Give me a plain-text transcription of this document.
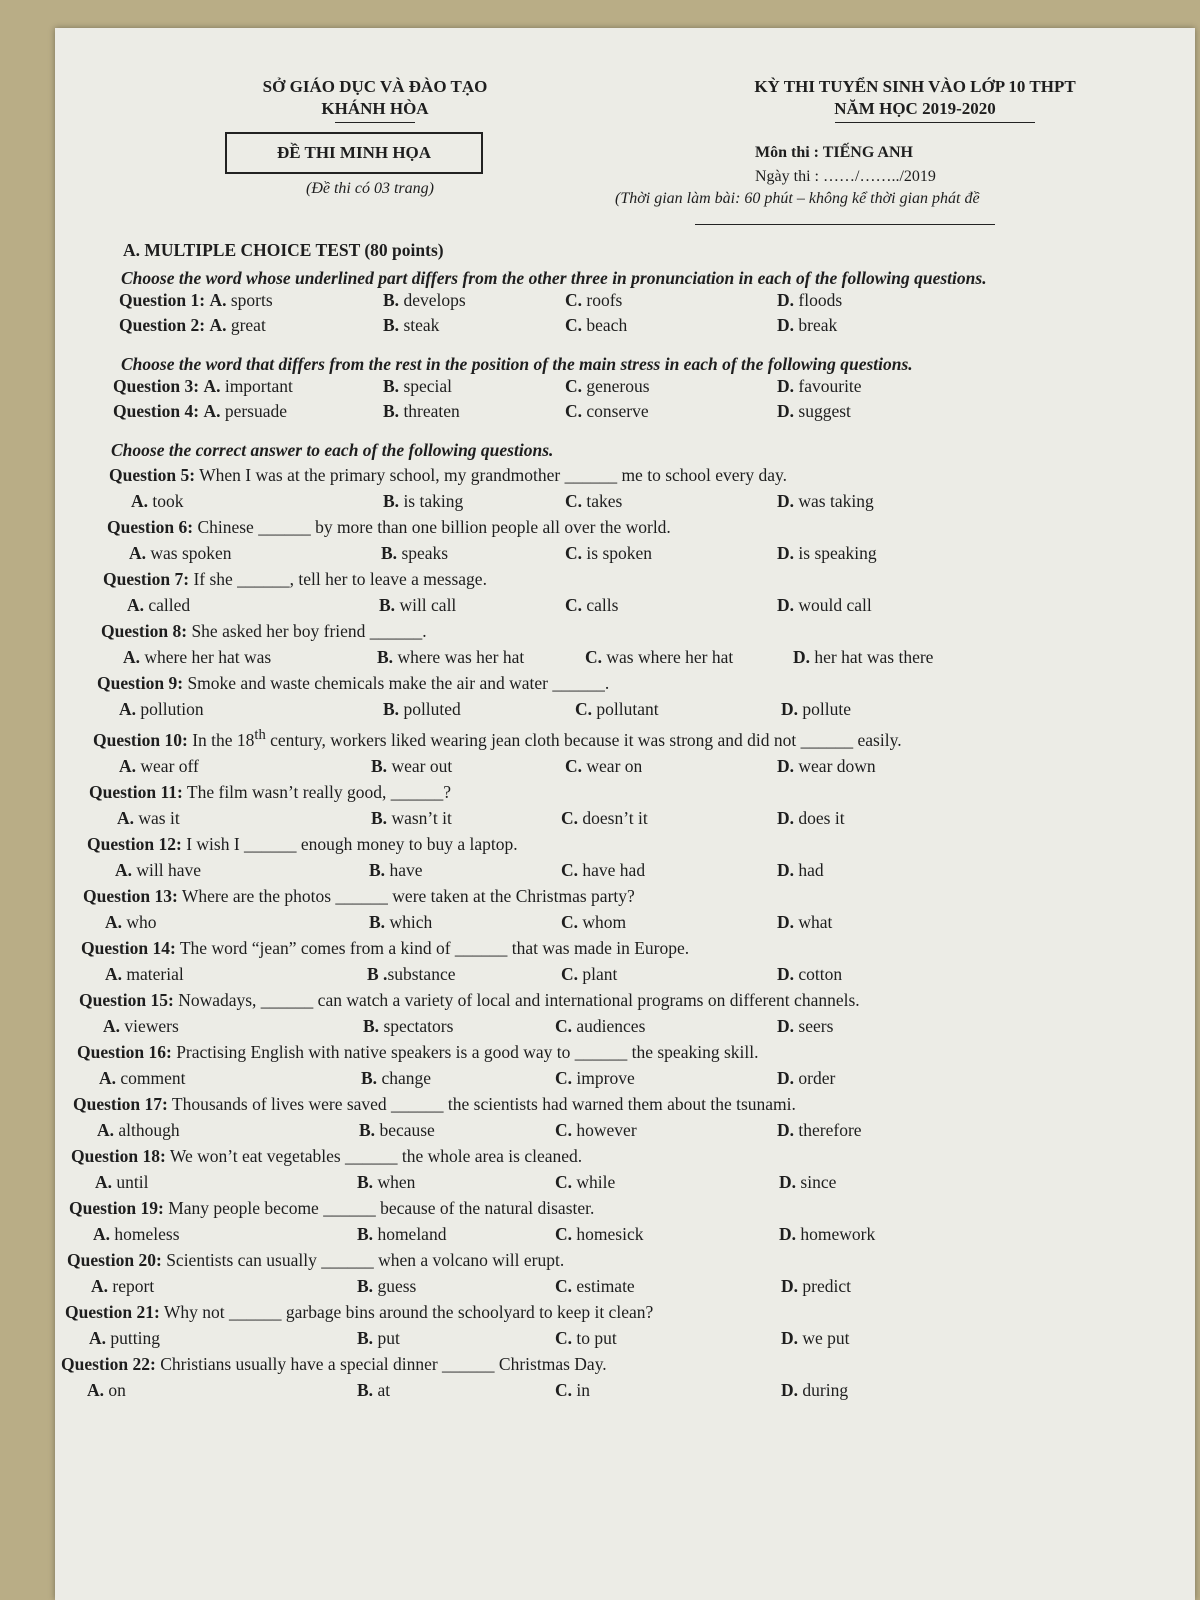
SỞ GIÁO DỤC VÀ ĐÀO TẠO
KHÁNH HÒA
KỲ THI TUYỂN SINH VÀO LỚP 10 THPT
NĂM HỌC 2019-2020
ĐỀ THI MINH HỌA
(Đề thi có 03 trang)
Môn thi : TIẾNG ANH
Ngày thi : ……/……../2019
(Thời gian làm bài: 60 phút – không kể thời gian phát đề
A. MULTIPLE CHOICE TEST (80 points)
Choose the word whose underlined part differs from the other three in pronunciation in each of the following questions.
Question 1: A. sports	B. develops	C. roofs	D. floods
Question 2: A. great	B. steak	C. beach	D. break
Choose the word that differs from the rest in the position of the main stress in each of the following questions.
Question 3: A. important	B. special	C. generous	D. favourite
Question 4: A. persuade	B. threaten	C. conserve	D. suggest
Choose the correct answer to each of the following questions.
Question 5: When I was at the primary school, my grandmother ______ me to school every day.
A. took	B. is taking	C. takes	D. was taking
Question 6: Chinese ______ by more than one billion people all over the world.
A. was spoken	B. speaks	C. is spoken	D. is speaking
Question 7: If she ______, tell her to leave a message.
A. called	B. will call	C. calls	D. would call
Question 8: She asked her boy friend ______.
A. where her hat was	B. where was her hat	C. was where her hat	D. her hat was there
Question 9: Smoke and waste chemicals make the air and water ______.
A. pollution	B. polluted	C. pollutant	D. pollute
Question 10: In the 18th century, workers liked wearing jean cloth because it was strong and did not ______ easily.
A. wear off	B. wear out	C. wear on	D. wear down
Question 11: The film wasn’t really good, ______?
A. was it	B. wasn’t it	C. doesn’t it	D. does it
Question 12: I wish I ______ enough money to buy a laptop.
A. will have	B. have	C. have had	D. had
Question 13: Where are the photos ______ were taken at the Christmas party?
A. who	B. which	C. whom	D. what
Question 14: The word “jean” comes from a kind of ______ that was made in Europe.
A. material	B .substance	C. plant	D. cotton
Question 15: Nowadays, ______ can watch a variety of local and international programs on different channels.
A. viewers	B. spectators	C. audiences	D. seers
Question 16: Practising English with native speakers is a good way to ______ the speaking skill.
A. comment	B. change	C. improve	D. order
Question 17: Thousands of lives were saved ______ the scientists had warned them about the tsunami.
A. although	B. because	C. however	D. therefore
Question 18: We won’t eat vegetables ______ the whole area is cleaned.
A. until	B. when	C. while	D. since
Question 19: Many people become ______ because of the natural disaster.
A. homeless	B. homeland	C. homesick	D. homework
Question 20: Scientists can usually ______ when a volcano will erupt.
A. report	B. guess	C. estimate	D. predict
Question 21: Why not ______ garbage bins around the schoolyard to keep it clean?
A. putting	B. put	C. to put	D. we put
Question 22: Christians usually have a special dinner ______ Christmas Day.
A. on	B. at	C. in	D. during
